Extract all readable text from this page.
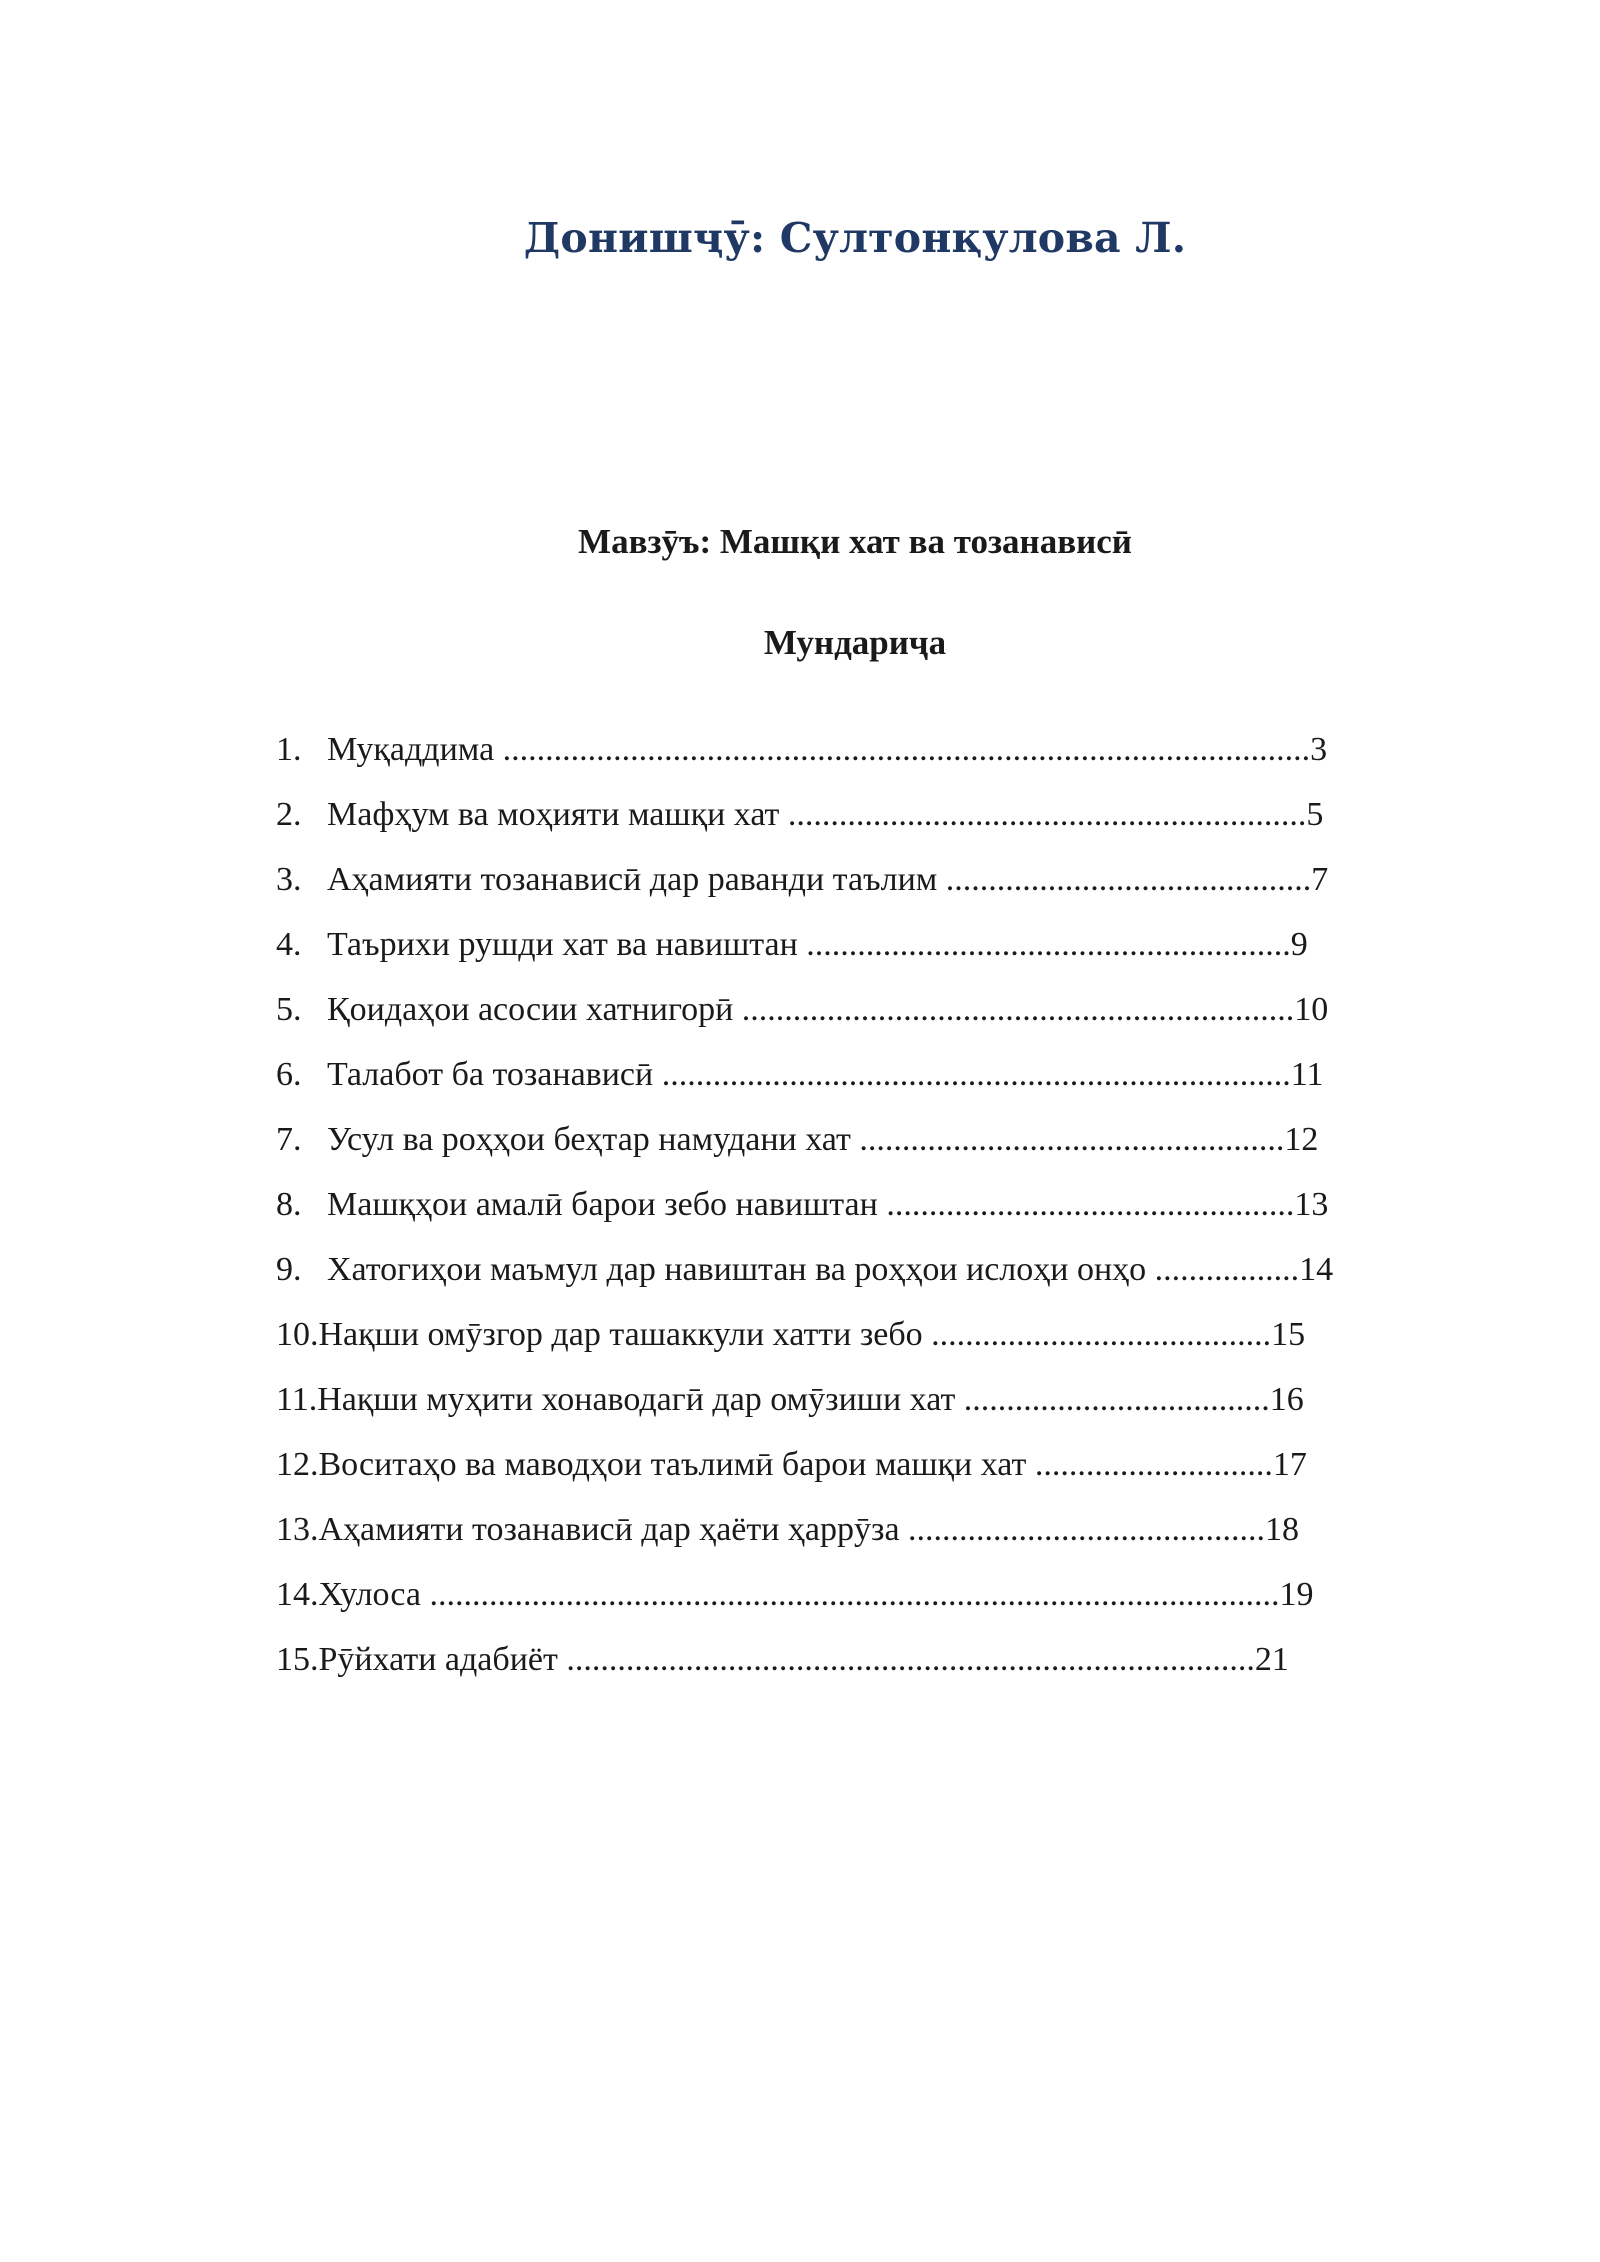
Донишҷӯ: Султонқулова Л.
Мавзӯъ: Машқи хат ва тозанависӣ
Мундариҷа
1. Муқаддима ...............................................................................................3
2. Мафҳум ва моҳияти машқи хат .............................................................5
3. Аҳамияти тозанависӣ дар раванди таълим ...........................................7
4. Таърихи рушди хат ва навиштан .........................................................9
5. Қоидаҳои асосии хатнигорӣ .................................................................10
6. Талабот ба тозанависӣ ..........................................................................11
7. Усул ва роҳҳои беҳтар намудани хат ..................................................12
8. Машқҳои амалӣ барои зебо навиштан ................................................13
9. Хатогиҳои маъмул дар навиштан ва роҳҳои ислоҳи онҳо .................14
10.Нақши омӯзгор дар ташаккули хатти зебо ........................................15
11.Нақши муҳити хонаводагӣ дар омӯзиши хат ....................................16
12.Воситаҳо ва маводҳои таълимӣ барои машқи хат ............................17
13.Аҳамияти тозанависӣ дар ҳаёти ҳаррӯза ..........................................18
14.Хулоса ....................................................................................................19
15.Рӯйхати адабиёт .................................................................................21
